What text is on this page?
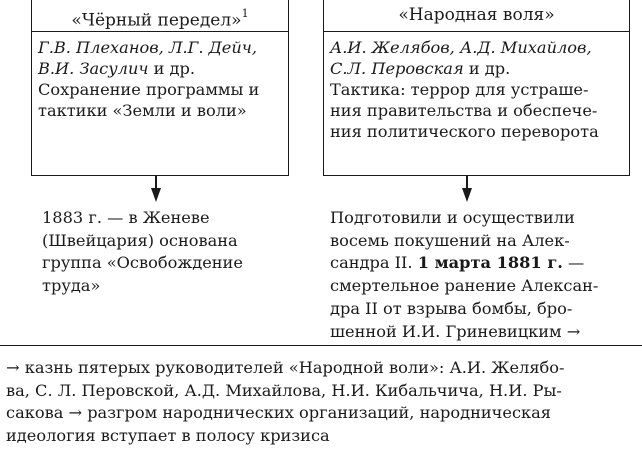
«Чёрный передел»$^1$
Г.В. Плеханов, Л.Г. Дейч, В.И. Засулич и др.
Сохранение программы и
тактики «Земли и воли»
«Народная воля»
А.И. Желябов, А.Д. Михайлов, С.Л. Перовская и др.
Тактика: террор для устраше-
ния правительства и обеспече-
ния политического переворота
1883 г. — в Женеве
(Швейцария) основана
группа «Освобождение
труда»
Подготовили и осуществили
восемь покушений на Алек-
сандра II. 1 марта 1881 г. —
смертельное ранение Алексан-
дра II от взрыва бомбы, бро-
шенной И.И. Гриневицким →
→ казнь пятерых руководителей «Народной воли»: А.И. Желябо-
ва, С. Л. Перовской, А.Д. Михайлова, Н.И. Кибальчича, Н.И. Ры-
сакова → разгром народнических организаций, народническая
идеология вступает в полосу кризиса
